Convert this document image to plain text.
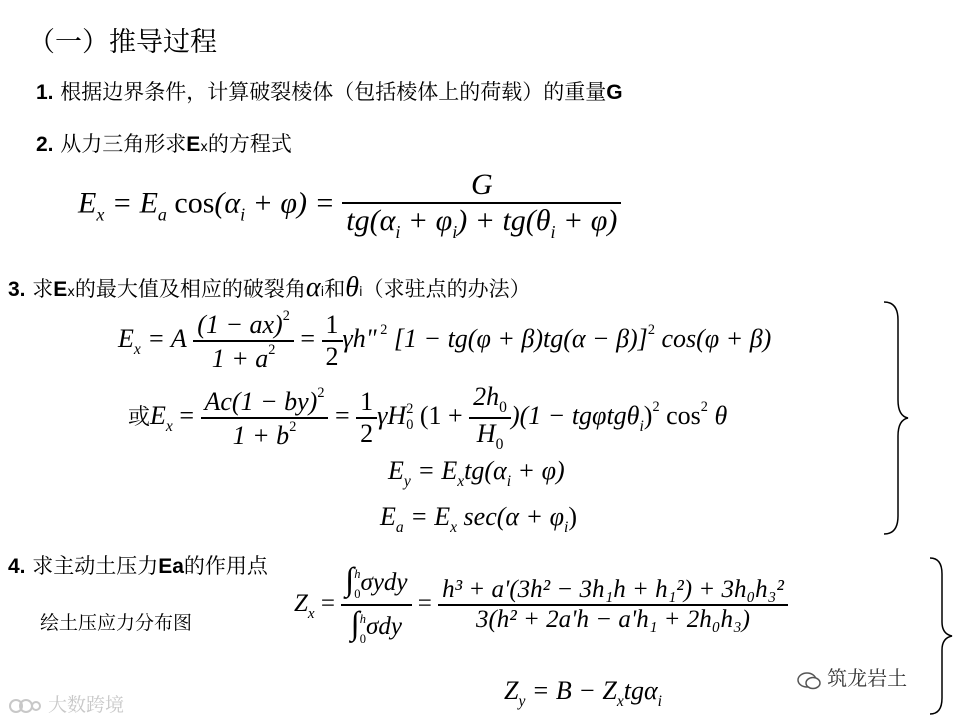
（一）推导过程
1. 根据边界条件，计算破裂棱体（包括棱体上的荷载）的重量G
2. 从力三角形求Ex的方程式
$E_x = E_a$ $\cos(\alpha_i + \varphi) = \frac{G}{tg(\alpha_i + \varphi_i) + tg(\theta_i + \varphi)}$
3. 求Ex的最大值及相应的破裂角αi和θi（求驻点的办法）
$E_x = A \frac{(1 - ax)^2}{1 + a^2} = \frac{1}{2} \gamma h$" $^2$ $[1 - tg(\varphi + \beta)tg(\alpha - \beta)]^2$ cos(φ + β)
或$E_x = \frac{Ac(1 - by)^2}{1 + b^2} = \frac{1}{2}$ γH 2
0 $(1 + \frac{2h_0}{H_0} )(1 - tg\varphi tg\theta_i)^2$ $\cos^2 \theta$
$E_y = E_xtg(\alpha_i + \varphi)$
$E_a = E_x$ $\sec(\alpha + \varphi_i)$
4. 求主动土压力Ea的作用点
绘土压应力分布图
$Z_x$ = ∫ h
0 σydy
∫ h
0 $\sigma dy = \frac{\text{h³ + a'(3h² − 3h₁h + h₁²) + 3h₀h₃²}}{\text{3(h² + 2a'h − a'h₁ + 2h₀h₃)}}$
$Z_y = B - Z_xtg\alpha_i$
筑龙岩土
大数跨境
